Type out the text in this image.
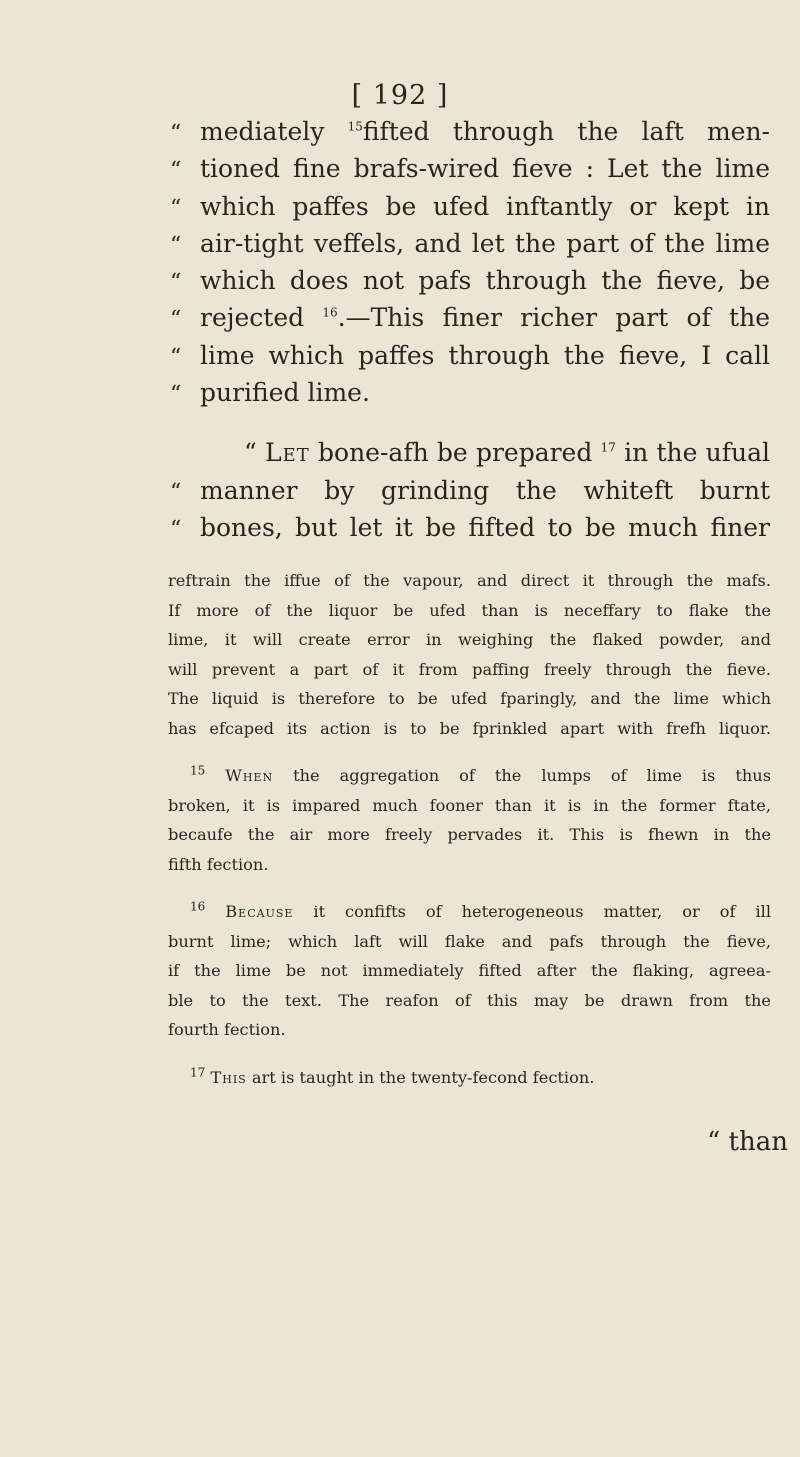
[ 192 ]
“ mediately $^{15}$fifted through the laft men-
“ tioned fine brafs-wired fieve : Let the lime
“ which paffes be ufed inftantly or kept in
“ air-tight veffels, and let the part of the lime
“ which does not pafs through the fieve, be
“ rejected $^{16}$.—This finer richer part of the
“ lime which paffes through the fieve, I call
“ purified lime.
“ Let bone-afh be prepared $^{17}$ in the ufual
“ manner by grinding the whiteft burnt
“ bones, but let it be fifted to be much finer
reftrain the iffue of the vapour, and direct it through the mafs.
If more of the liquor be ufed than is neceffary to flake the
lime, it will create error in weighing the flaked powder, and
will prevent a part of it from paffing freely through the fieve.
The liquid is therefore to be ufed fparingly, and the lime which
has efcaped its action is to be fprinkled apart with frefh liquor.
$^{15}$ When the aggregation of the lumps of lime is thus
broken, it is impared much fooner than it is in the former ftate,
becaufe the air more freely pervades it. This is fhewn in the
fifth fection.
$^{16}$ Because it confifts of heterogeneous matter, or of ill
burnt lime; which laft will flake and pafs through the fieve,
if the lime be not immediately fifted after the flaking, agreea-
ble to the text. The reafon of this may be drawn from the
fourth fection.
$^{17}$ This art is taught in the twenty-fecond fection.
“ than
